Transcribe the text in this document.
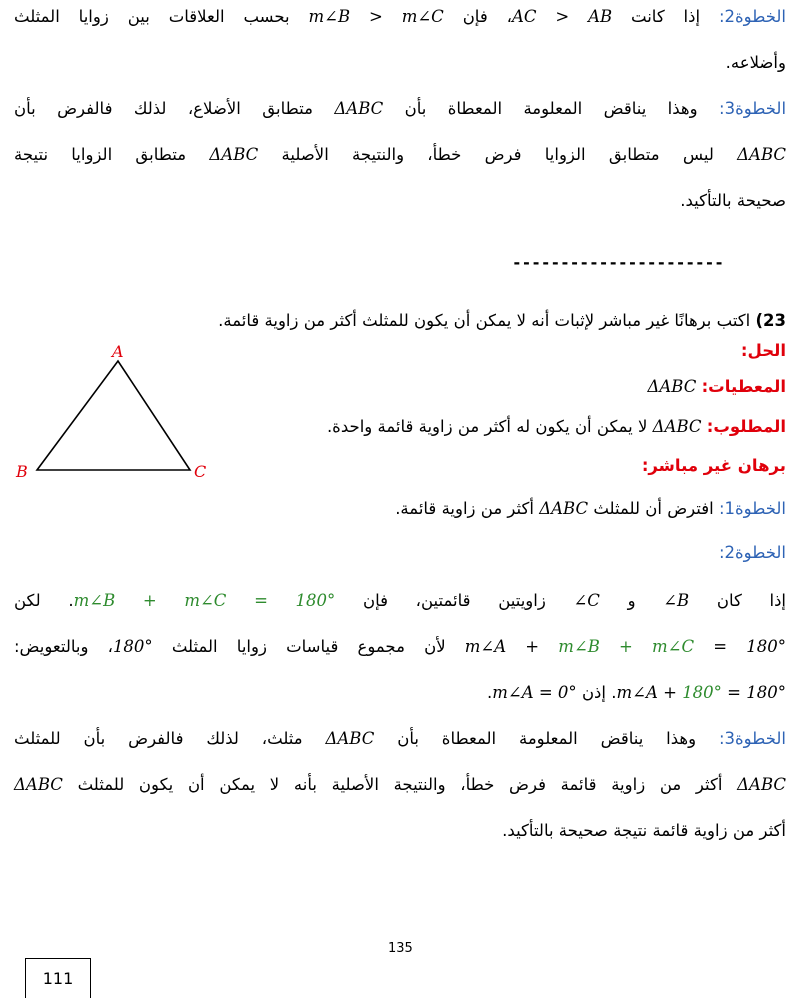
الخطوة2: إذا كانت AC > AB، فإن m∠B > m∠C بحسب العلاقات بين زوايا المثلث
وأضلاعه.
الخطوة3: وهذا يناقض المعلومة المعطاة بأن ΔABC متطابق الأضلاع، لذلك فالفرض بأن
ΔABC ليس متطابق الزوايا فرض خطأ، والنتيجة الأصلية ΔABC متطابق الزوايا نتيجة
صحيحة بالتأكيد.
----------------------
23) اكتب برهانًا غير مباشر لإثبات أنه لا يمكن أن يكون للمثلث أكثر من زاوية قائمة.
الحل:
المعطيات: ΔABC
المطلوب: ΔABC لا يمكن أن يكون له أكثر من زاوية قائمة واحدة.
برهان غير مباشر:
الخطوة1: افترض أن للمثلث ΔABC أكثر من زاوية قائمة.
الخطوة2:
إذا كان ∠B و ∠C زاويتين قائمتين، فإن m∠B + m∠C = 180°. لكن
m∠A + m∠B + m∠C = 180° لأن مجموع قياسات زوايا المثلث 180°، وبالتعويض:
m∠A + 180° = 180°. إذن m∠A = 0°.
الخطوة3: وهذا يناقض المعلومة المعطاة بأن ΔABC مثلث، لذلك فالفرض بأن للمثلث
ΔABC أكثر من زاوية قائمة فرض خطأ، والنتيجة الأصلية بأنه لا يمكن أن يكون للمثلث ΔABC
أكثر من زاوية قائمة نتيجة صحيحة بالتأكيد.
A
B	C
135
111
